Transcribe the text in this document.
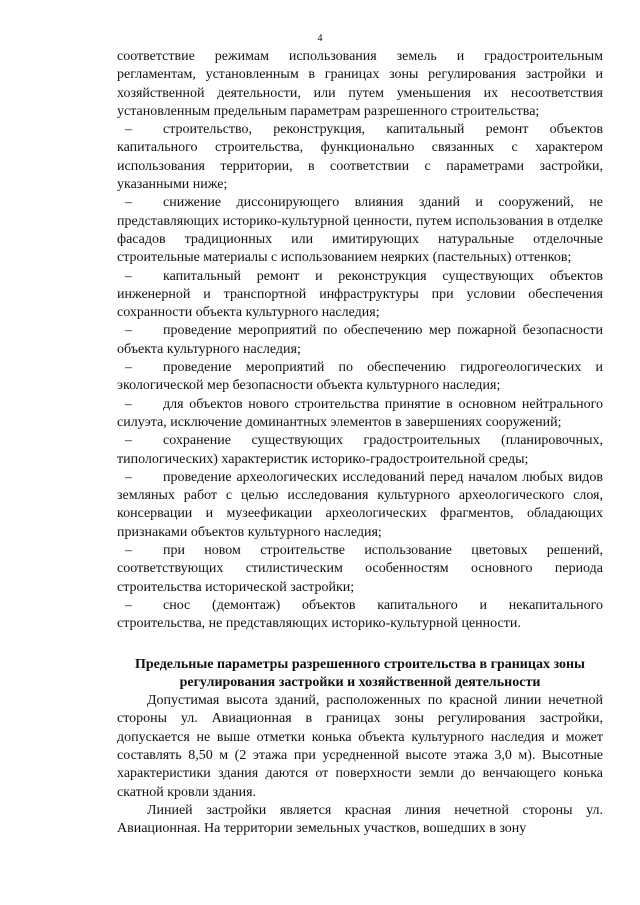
4

соответствие режимам использования земель и градостроительным регламентам, установленным в границах зоны регулирования застройки и хозяйственной деятельности, или путем уменьшения их несоответствия установленным предельным параметрам разрешенного строительства;

– строительство, реконструкция, капитальный ремонт объектов капитального строительства, функционально связанных с характером использования территории, в соответствии с параметрами застройки, указанными ниже;

– снижение диссонирующего влияния зданий и сооружений, не представляющих историко-культурной ценности, путем использования в отделке фасадов традиционных или имитирующих натуральные отделочные строительные материалы с использованием неярких (пастельных) оттенков;

– капитальный ремонт и реконструкция существующих объектов инженерной и транспортной инфраструктуры при условии обеспечения сохранности объекта культурного наследия;

– проведение мероприятий по обеспечению мер пожарной безопасности объекта культурного наследия;

– проведение мероприятий по обеспечению гидрогеологических и экологической мер безопасности объекта культурного наследия;

– для объектов нового строительства принятие в основном нейтрального силуэта, исключение доминантных элементов в завершениях сооружений;

– сохранение существующих градостроительных (планировочных, типологических) характеристик историко-градостроительной среды;

– проведение археологических исследований перед началом любых видов земляных работ с целью исследования культурного археологического слоя, консервации и музеефикации археологических фрагментов, обладающих признаками объектов культурного наследия;

– при новом строительстве использование цветовых решений, соответствующих стилистическим особенностям основного периода строительства исторической застройки;

– снос (демонтаж) объектов капитального и некапитального строительства, не представляющих историко-культурной ценности.

Предельные параметры разрешенного строительства в границах зоны регулирования застройки и хозяйственной деятельности

Допустимая высота зданий, расположенных по красной линии нечетной стороны ул. Авиационная в границах зоны регулирования застройки, допускается не выше отметки конька объекта культурного наследия и может составлять 8,50 м (2 этажа при усредненной высоте этажа 3,0 м). Высотные характеристики здания даются от поверхности земли до венчающего конька скатной кровли здания.

Линией застройки является красная линия нечетной стороны ул. Авиационная. На территории земельных участков, вошедших в зону
